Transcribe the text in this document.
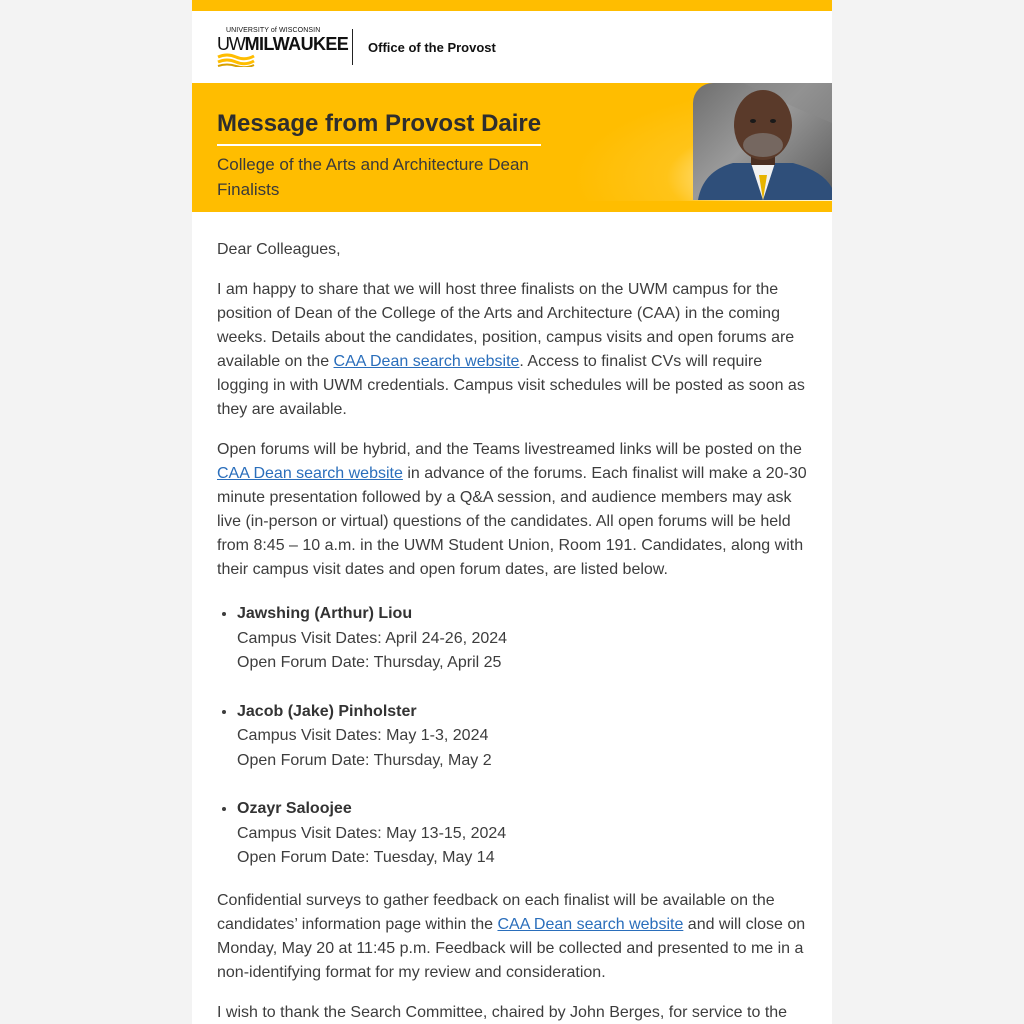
UNIVERSITY of WISCONSIN
UWMILWAUKEE Office of the Provost
Message from Provost Daire
College of the Arts and Architecture Dean Finalists

Dear Colleagues,

I am happy to share that we will host three finalists on the UWM campus for the position of Dean of the College of the Arts and Architecture (CAA) in the coming weeks. Details about the candidates, position, campus visits and open forums are available on the CAA Dean search website. Access to finalist CVs will require logging in with UWM credentials. Campus visit schedules will be posted as soon as they are available.

Open forums will be hybrid, and the Teams livestreamed links will be posted on the CAA Dean search website in advance of the forums. Each finalist will make a 20-30 minute presentation followed by a Q&A session, and audience members may ask live (in-person or virtual) questions of the candidates. All open forums will be held from 8:45 – 10 a.m. in the UWM Student Union, Room 191. Candidates, along with their campus visit dates and open forum dates, are listed below.

• Jawshing (Arthur) Liou
Campus Visit Dates: April 24-26, 2024
Open Forum Date: Thursday, April 25
• Jacob (Jake) Pinholster
Campus Visit Dates: May 1-3, 2024
Open Forum Date: Thursday, May 2
• Ozayr Saloojee
Campus Visit Dates: May 13-15, 2024
Open Forum Date: Tuesday, May 14

Confidential surveys to gather feedback on each finalist will be available on the candidates’ information page within the CAA Dean search website and will close on Monday, May 20 at 11:45 p.m. Feedback will be collected and presented to me in a non-identifying format for my review and consideration.

I wish to thank the Search Committee, chaired by John Berges, for service to the
